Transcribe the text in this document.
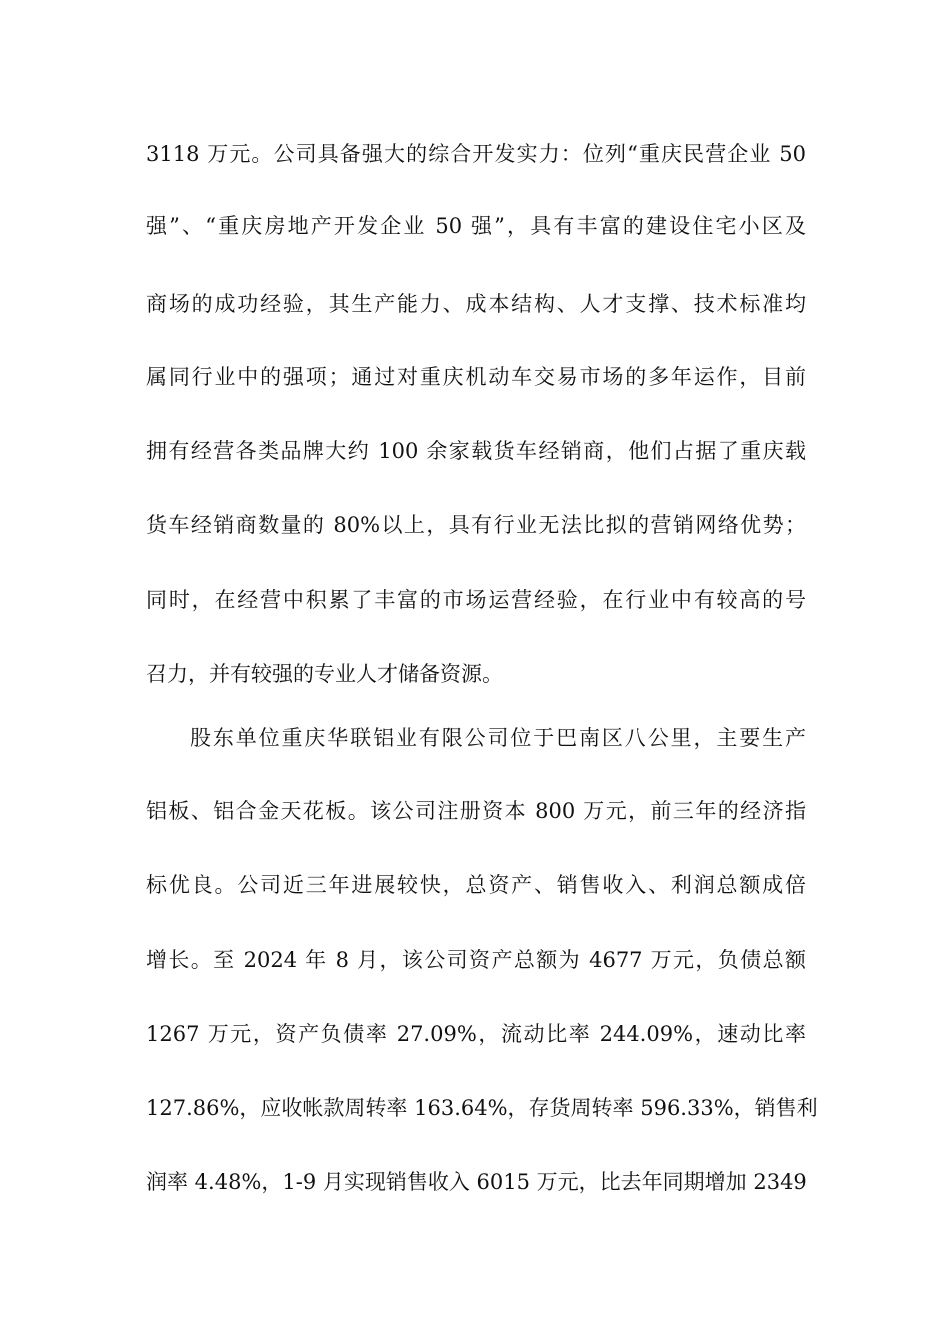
3118 万元。公司具备强大的综合开发实力：位列“重庆民营企业 50
强”、“重庆房地产开发企业 50 强”，具有丰富的建设住宅小区及
商场的成功经验，其生产能力、成本结构、人才支撑、技术标准均
属同行业中的强项；通过对重庆机动车交易市场的多年运作，目前
拥有经营各类品牌大约 100 余家载货车经销商，他们占据了重庆载
货车经销商数量的 80%以上，具有行业无法比拟的营销网络优势；
同时，在经营中积累了丰富的市场运营经验，在行业中有较高的号
召力，并有较强的专业人才储备资源。
股东单位重庆华联铝业有限公司位于巴南区八公里，主要生产
铝板、铝合金天花板。该公司注册资本 800 万元，前三年的经济指
标优良。公司近三年进展较快，总资产、销售收入、利润总额成倍
增长。至 2024 年 8 月，该公司资产总额为 4677 万元，负债总额
1267 万元，资产负债率 27.09%，流动比率 244.09%，速动比率
127.86%，应收帐款周转率 163.64%，存货周转率 596.33%，销售利
润率 4.48%，1-9 月实现销售收入 6015 万元，比去年同期增加 2349
